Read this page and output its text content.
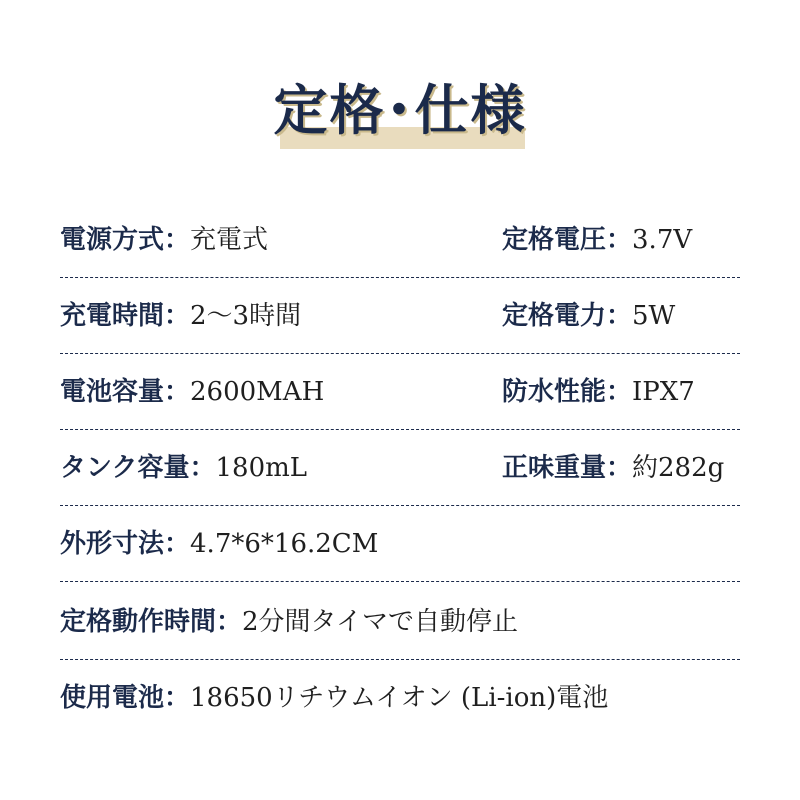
定格･仕様
電源方式：充電式	定格電圧：3.7V
充電時間：2～3時間	定格電力：5W
電池容量：2600MAH	防水性能：IPX7
タンク容量：180mL	正味重量：約282g
外形寸法：4.7*6*16.2CM
定格動作時間：2分間タイマで自動停止
使用電池：18650リチウムイオン (Li-ion)電池
